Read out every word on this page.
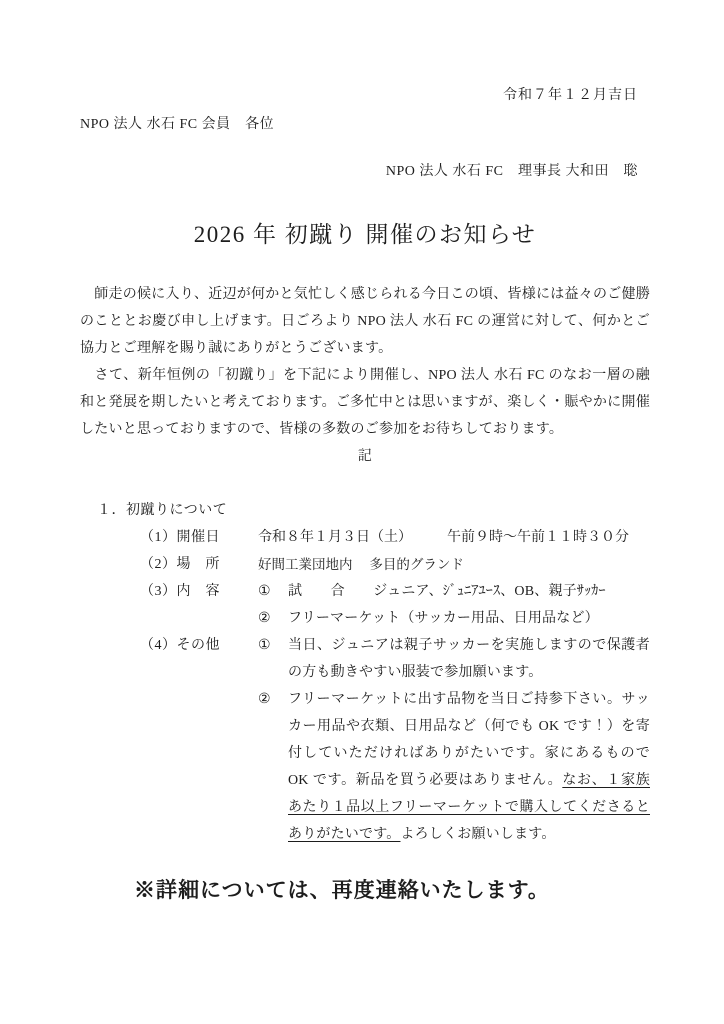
令和７年１２月吉日
NPO 法人 水石 FC 会員　各位
NPO 法人 水石 FC　理事長 大和田　聡
2026 年 初蹴り 開催のお知らせ

　師走の候に入り、近辺が何かと気忙しく感じられる今日この頃、皆様には益々のご健勝のこととお慶び申し上げます。日ごろより NPO 法人 水石 FC の運営に対して、何かとご協力とご理解を賜り誠にありがとうございます。

　さて、新年恒例の「初蹴り」を下記により開催し、NPO 法人 水石 FC のなお一層の融和と発展を期したいと考えております。ご多忙中とは思いますが、楽しく・賑やかに開催したいと思っておりますので、皆様の多数のご参加をお待ちしております。

記
１．初蹴りについて
（1）開催日	令和８年１月３日（土）　　　午前９時～午前１１時３０分
（2）場　所	好間工業団地内　 多目的グランド
（3）内　容	①	試　　合　　ジュニア、ｼﾞｭﾆｱﾕｰｽ、OB、親子ｻｯｶｰ
②	フリーマーケット（サッカー用品、日用品など）
（4）その他	①	当日、ジュニアは親子サッカーを実施しますので保護者の方も動きやすい服装で参加願います。
②	フリーマーケットに出す品物を当日ご持参下さい。サッカー用品や衣類、日用品など（何でも OK です！）を寄付していただければありがたいです。家にあるもので OK です。新品を買う必要はありません。なお、１家族あたり１品以上フリーマーケットで購入してくださるとありがたいです。よろしくお願いします。
※詳細については、再度連絡いたします。
